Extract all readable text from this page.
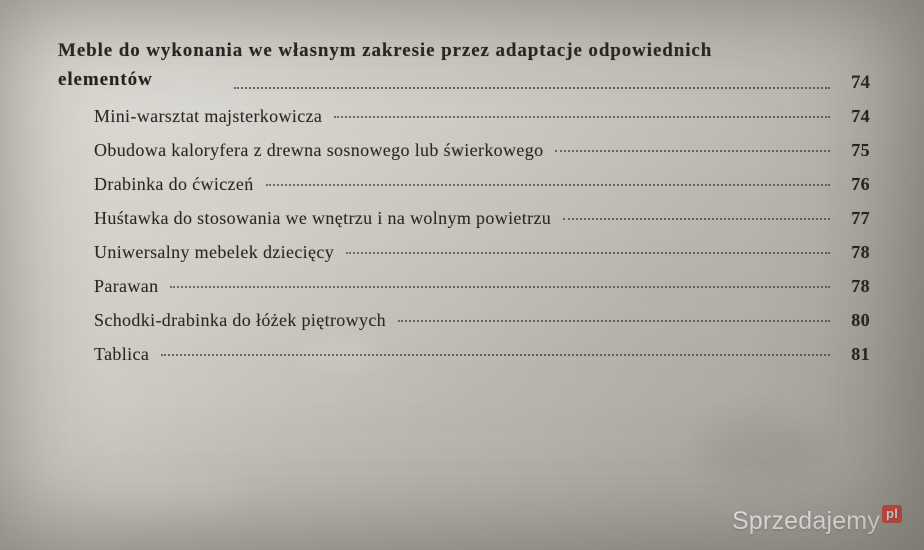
Meble do wykonania we własnym zakresie przez adaptacje odpowiednich
elementów	74
Mini-warsztat majsterkowicza	74
Obudowa kaloryfera z drewna sosnowego lub świerkowego	75
Drabinka do ćwiczeń	76
Huśtawka do stosowania we wnętrzu i na wolnym powietrzu	77
Uniwersalny mebelek dziecięcy	78
Parawan	78
Schodki-drabinka do łóżek piętrowych	80
Tablica	81
Sprzedajemy pl
